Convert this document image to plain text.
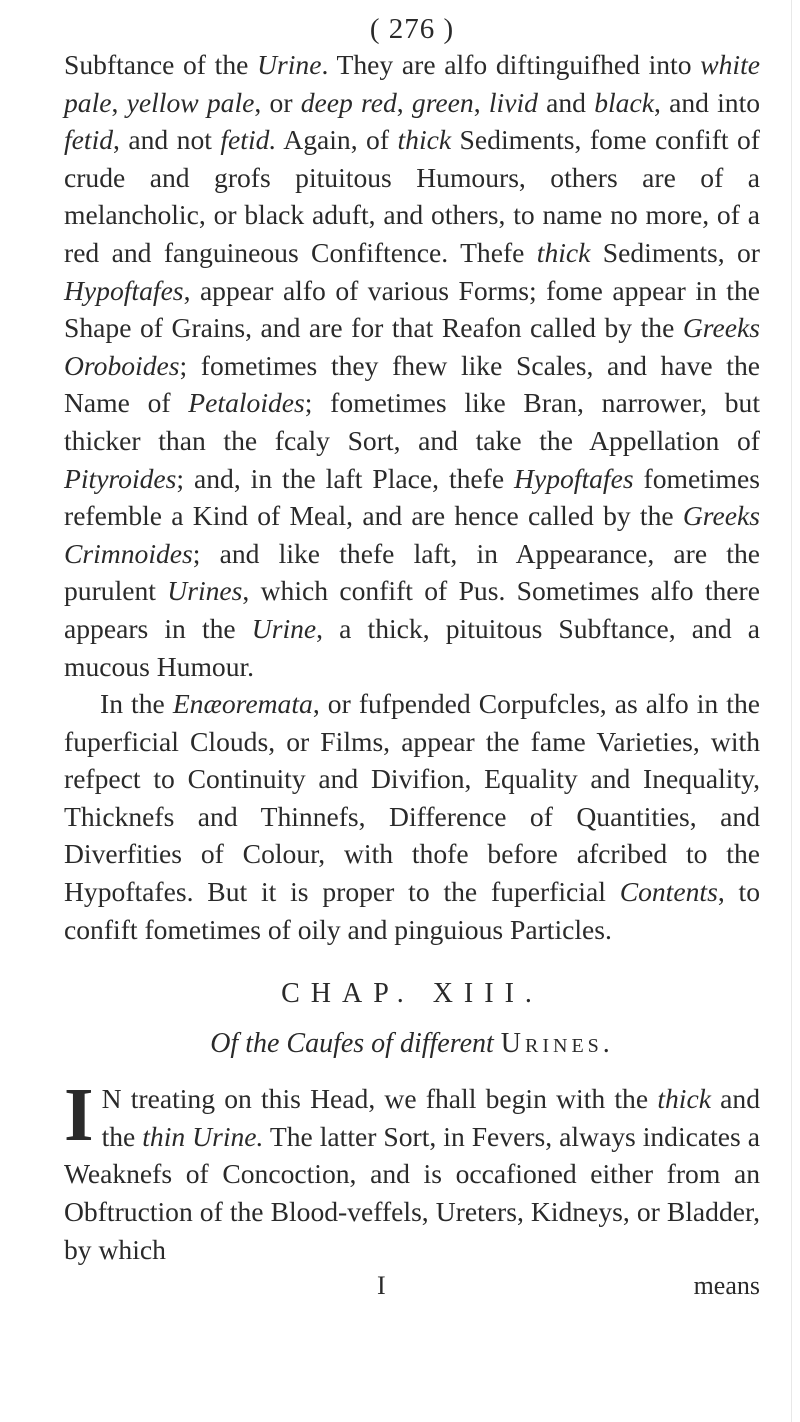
( 276 )

Subftance of the Urine. They are alfo diftinguifhed into white pale, yellow pale, or deep red, green, livid and black, and into fetid, and not fetid. Again, of thick Sediments, fome confift of crude and grofs pituitous Humours, others are of a melancholic, or black aduft, and others, to name no more, of a red and fanguineous Confiftence. Thefe thick Sediments, or Hypoftafes, appear alfo of various Forms; fome appear in the Shape of Grains, and are for that Reafon called by the Greeks Oroboides; fometimes they fhew like Scales, and have the Name of Petaloides; fometimes like Bran, narrower, but thicker than the fcaly Sort, and take the Appellation of Pityroides; and, in the laft Place, thefe Hypoftafes fometimes refemble a Kind of Meal, and are hence called by the Greeks Crimnoides; and like thefe laft, in Appearance, are the purulent Urines, which confift of Pus. Sometimes alfo there appears in the Urine, a thick, pituitous Subftance, and a mucous Humour.

In the Enæoremata, or fufpended Corpufcles, as alfo in the fuperficial Clouds, or Films, appear the fame Varieties, with refpect to Continuity and Divifion, Equality and Inequality, Thicknefs and Thinnefs, Difference of Quantities, and Diverfities of Colour, with thofe before afcribed to the Hypoftafes. But it is proper to the fuperficial Contents, to confift fometimes of oily and pinguious Particles.

CHAP. XIII.
Of the Caufes of different Urines.
I N treating on this Head, we fhall begin with the thick and the thin Urine. The latter Sort, in Fevers, always indicates a Weaknefs of Concoction, and is occafioned either from an Obftruction of the Blood-veffels, Ureters, Kidneys, or Bladder, by which

I	means
